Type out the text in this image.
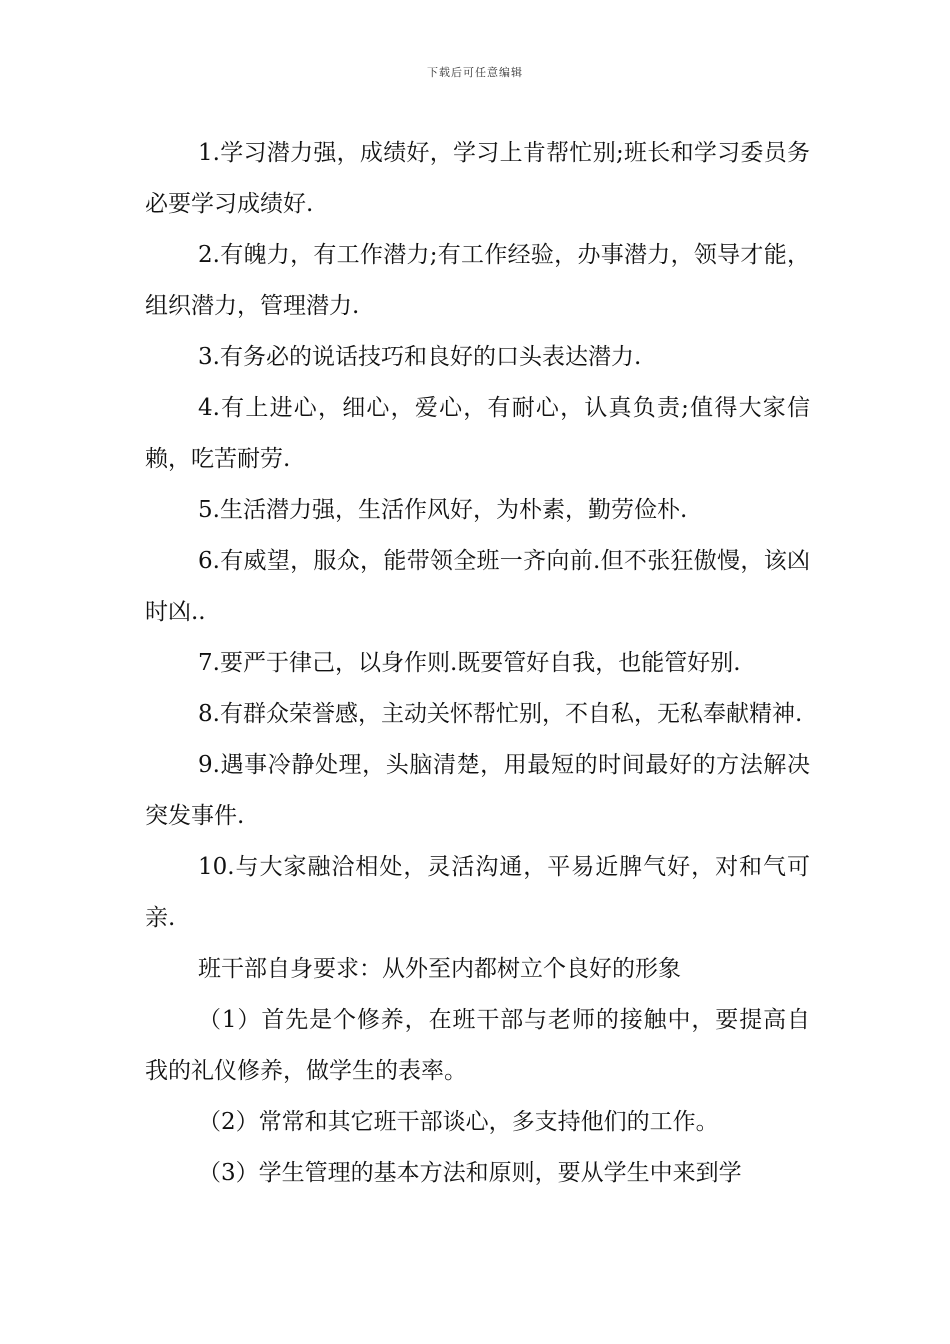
下载后可任意编辑

1.学习潜力强，成绩好，学习上肯帮忙别;班长和学习委员务必要学习成绩好.

2.有魄力，有工作潜力;有工作经验，办事潜力，领导才能，组织潜力，管理潜力.

3.有务必的说话技巧和良好的口头表达潜力.

4.有上进心，细心，爱心，有耐心，认真负责;值得大家信赖，吃苦耐劳.

5.生活潜力强，生活作风好，为朴素，勤劳俭朴.

6.有威望，服众，能带领全班一齐向前.但不张狂傲慢，该凶时凶..

7.要严于律己，以身作则.既要管好自我，也能管好别.

8.有群众荣誉感，主动关怀帮忙别，不自私，无私奉献精神.

9.遇事冷静处理，头脑清楚，用最短的时间最好的方法解决突发事件.

10.与大家融洽相处，灵活沟通，平易近脾气好，对和气可亲.

班干部自身要求：从外至内都树立个良好的形象

（1）首先是个修养，在班干部与老师的接触中，要提高自我的礼仪修养，做学生的表率。

（2）常常和其它班干部谈心，多支持他们的工作。

（3）学生管理的基本方法和原则，要从学生中来到学
